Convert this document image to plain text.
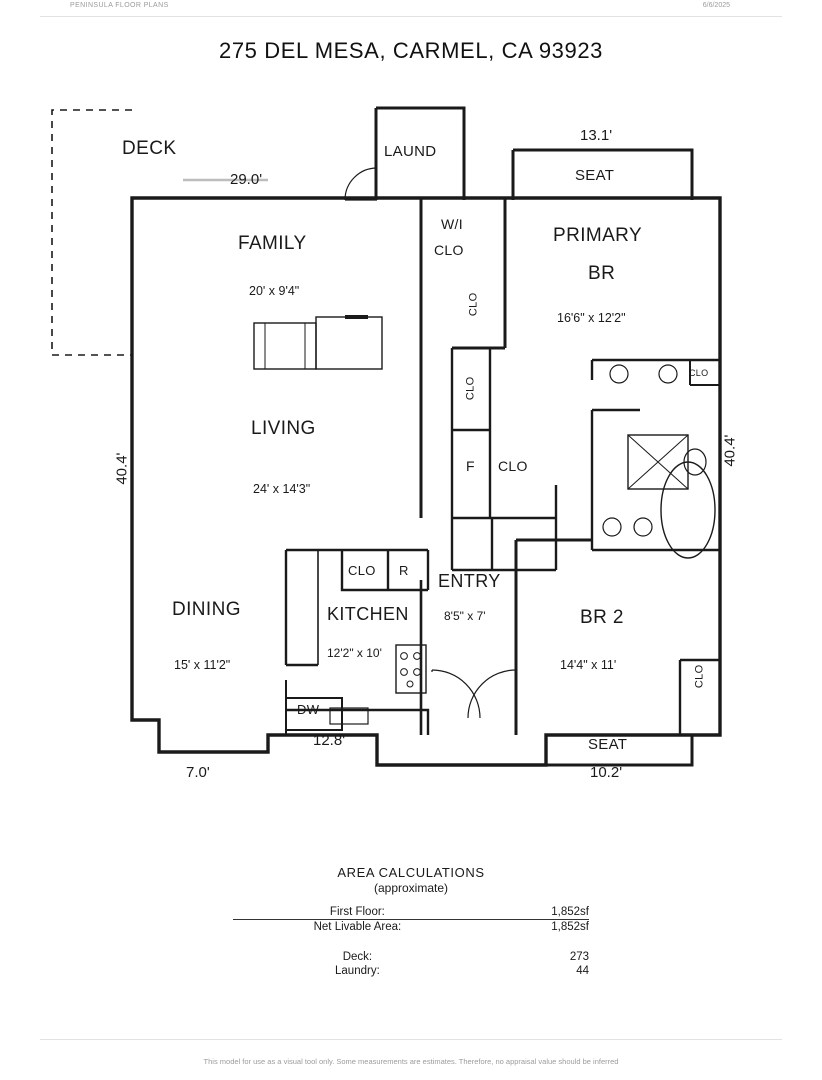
PENINSULA FLOOR PLANS	6/6/2025
275 DEL MESA, CARMEL, CA 93923
DECK	LAUND
29.0'
13.1'
SEAT
FAMILY
20' x 9'4"
W/I
CLO
PRIMARY
BR
16'6" x 12'2"
CLO
CLO
CLO
LIVING
24' x 14'3"
40.4'
40.4'
F CLO
CLO R
ENTRY
8'5" x 7'
DINING
15' x 11'2"
KITCHEN
12'2" x 10'
DW
BR 2
14'4" x 11'	CLO
SEAT
12.8'
7.0'	10.2'
AREA CALCULATIONS
(approximate)
First Floor:	1,852sf
Net Livable Area:	1,852sf

Deck:	273
Laundry:	44
This model for use as a visual tool only. Some measurements are estimates. Therefore, no appraisal value should be inferred
